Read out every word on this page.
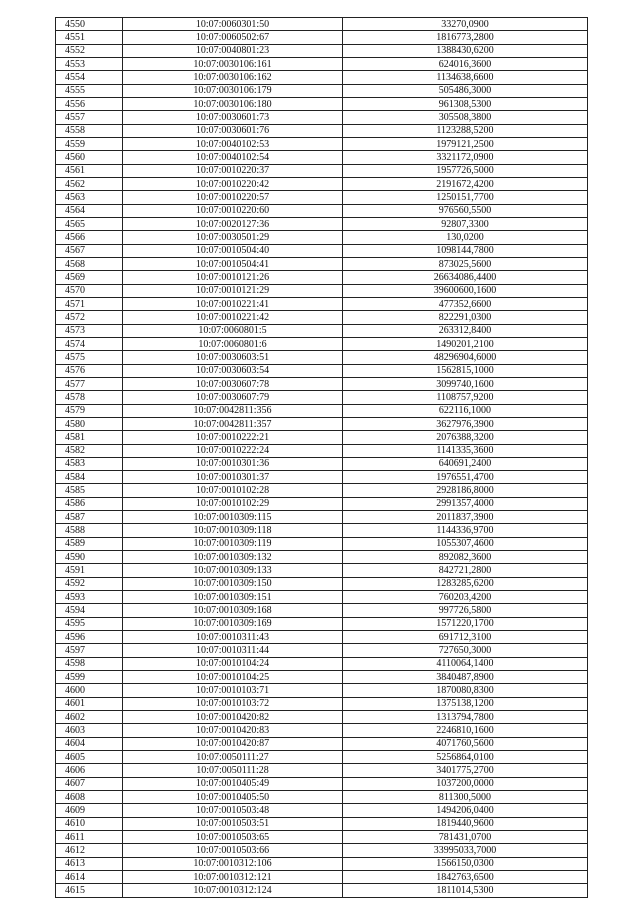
4550	10:07:0060301:50	33270,0900
4551	10:07:0060502:67	1816773,2800
4552	10:07:0040801:23	1388430,6200
4553	10:07:0030106:161	624016,3600
4554	10:07:0030106:162	1134638,6600
4555	10:07:0030106:179	505486,3000
4556	10:07:0030106:180	961308,5300
4557	10:07:0030601:73	305508,3800
4558	10:07:0030601:76	1123288,5200
4559	10:07:0040102:53	1979121,2500
4560	10:07:0040102:54	3321172,0900
4561	10:07:0010220:37	1957726,5000
4562	10:07:0010220:42	2191672,4200
4563	10:07:0010220:57	1250151,7700
4564	10:07:0010220:60	976560,5500
4565	10:07:0020127:36	92807,3300
4566	10:07:0030501:29	130,0200
4567	10:07:0010504:40	1098144,7800
4568	10:07:0010504:41	873025,5600
4569	10:07:0010121:26	26634086,4400
4570	10:07:0010121:29	39600600,1600
4571	10:07:0010221:41	477352,6600
4572	10:07:0010221:42	822291,0300
4573	10:07:0060801:5	263312,8400
4574	10:07:0060801:6	1490201,2100
4575	10:07:0030603:51	48296904,6000
4576	10:07:0030603:54	1562815,1000
4577	10:07:0030607:78	3099740,1600
4578	10:07:0030607:79	1108757,9200
4579	10:07:0042811:356	622116,1000
4580	10:07:0042811:357	3627976,3900
4581	10:07:0010222:21	2076388,3200
4582	10:07:0010222:24	1141335,3600
4583	10:07:0010301:36	640691,2400
4584	10:07:0010301:37	1976551,4700
4585	10:07:0010102:28	2928186,8000
4586	10:07:0010102:29	2991357,4000
4587	10:07:0010309:115	2011837,3900
4588	10:07:0010309:118	1144336,9700
4589	10:07:0010309:119	1055307,4600
4590	10:07:0010309:132	892082,3600
4591	10:07:0010309:133	842721,2800
4592	10:07:0010309:150	1283285,6200
4593	10:07:0010309:151	760203,4200
4594	10:07:0010309:168	997726,5800
4595	10:07:0010309:169	1571220,1700
4596	10:07:0010311:43	691712,3100
4597	10:07:0010311:44	727650,3000
4598	10:07:0010104:24	4110064,1400
4599	10:07:0010104:25	3840487,8900
4600	10:07:0010103:71	1870080,8300
4601	10:07:0010103:72	1375138,1200
4602	10:07:0010420:82	1313794,7800
4603	10:07:0010420:83	2246810,1600
4604	10:07:0010420:87	4071760,5600
4605	10:07:0050111:27	5256864,0100
4606	10:07:0050111:28	3401775,2700
4607	10:07:0010405:49	1037200,0000
4608	10:07:0010405:50	811300,5000
4609	10:07:0010503:48	1494206,0400
4610	10:07:0010503:51	1819440,9600
4611	10:07:0010503:65	781431,0700
4612	10:07:0010503:66	33995033,7000
4613	10:07:0010312:106	1566150,0300
4614	10:07:0010312:121	1842763,6500
4615	10:07:0010312:124	1811014,5300
